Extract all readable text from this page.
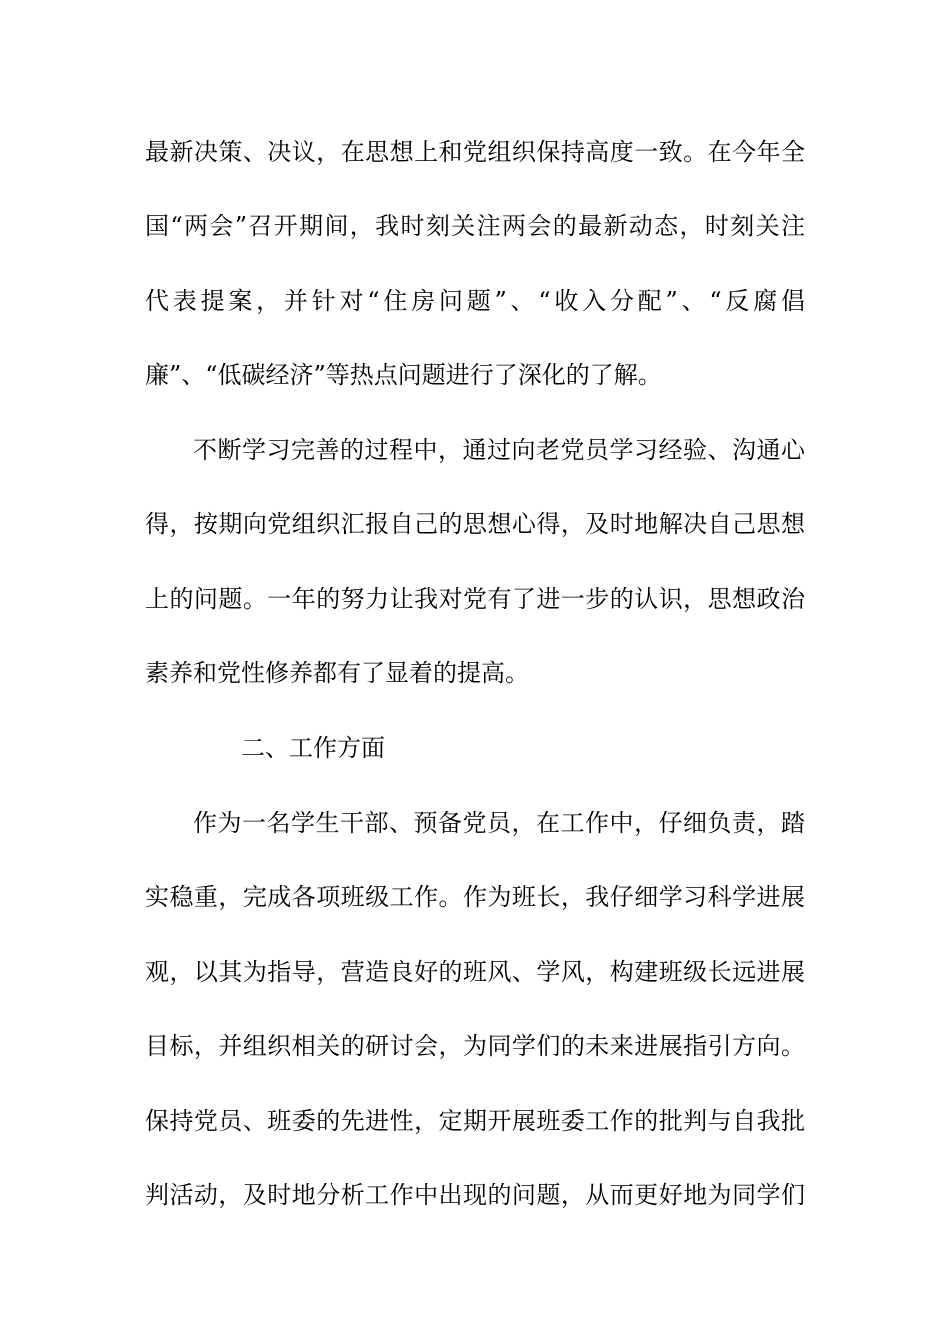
最新决策、决议，在思想上和党组织保持高度一致。在今年全
国“两会”召开期间，我时刻关注两会的最新动态，时刻关注
代表提案，并针对“住房问题”、“收入分配”、“反腐倡
廉”、“低碳经济”等热点问题进行了深化的了解。
不断学习完善的过程中，通过向老党员学习经验、沟通心
得，按期向党组织汇报自己的思想心得，及时地解决自己思想
上的问题。一年的努力让我对党有了进一步的认识，思想政治
素养和党性修养都有了显着的提高。
二、工作方面
作为一名学生干部、预备党员，在工作中，仔细负责，踏
实稳重，完成各项班级工作。作为班长，我仔细学习科学进展
观，以其为指导，营造良好的班风、学风，构建班级长远进展
目标，并组织相关的研讨会，为同学们的未来进展指引方向。
保持党员、班委的先进性，定期开展班委工作的批判与自我批
判活动，及时地分析工作中出现的问题，从而更好地为同学们
